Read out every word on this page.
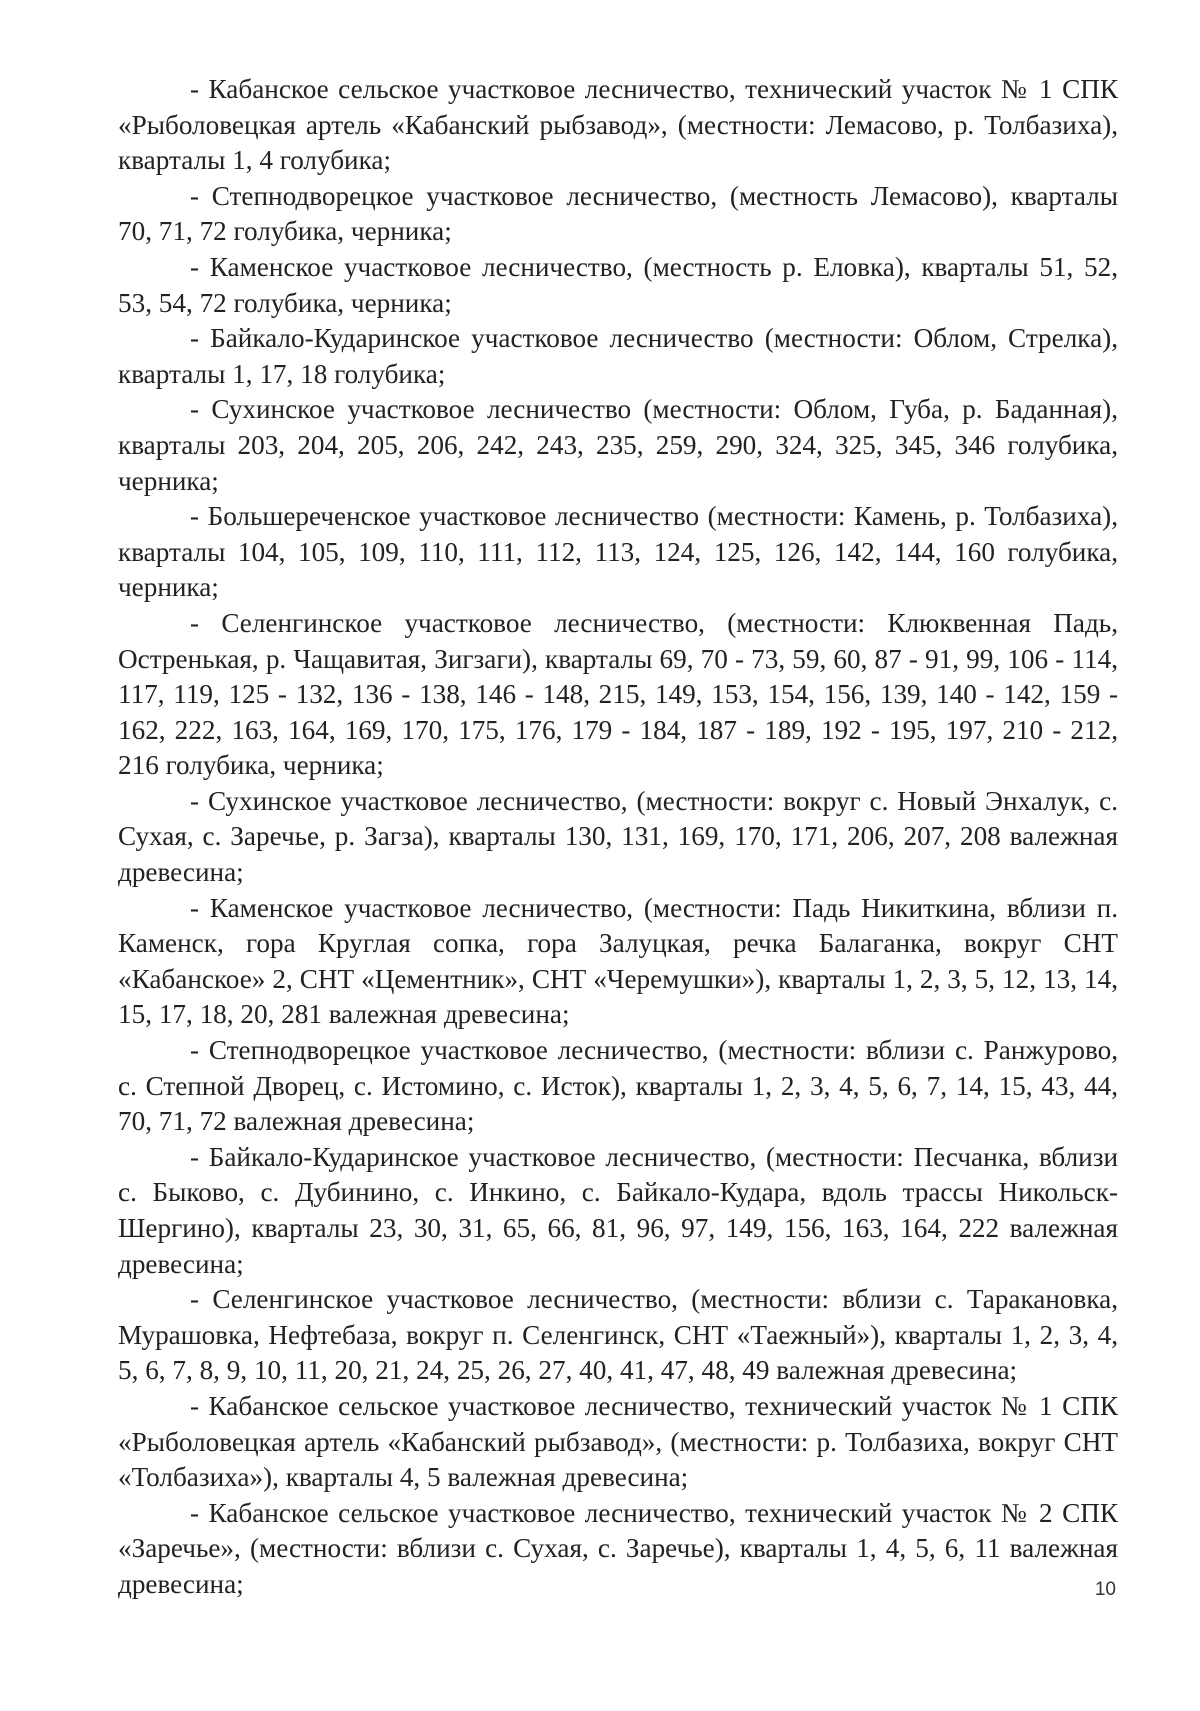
- Кабанское сельское участковое лесничество, технический участок № 1 СПК «Рыболовецкая артель «Кабанский рыбзавод», (местности: Лемасово, р. Толбазиха), кварталы 1, 4 голубика;

- Степнодворецкое участковое лесничество, (местность Лемасово), кварталы 70, 71, 72 голубика, черника;

- Каменское участковое лесничество, (местность р. Еловка), кварталы 51, 52, 53, 54, 72 голубика, черника;

- Байкало-Кударинское участковое лесничество (местности: Облом, Стрелка), кварталы 1, 17, 18 голубика;

- Сухинское участковое лесничество (местности: Облом, Губа, р. Баданная), кварталы 203, 204, 205, 206, 242, 243, 235, 259, 290, 324, 325, 345, 346 голубика, черника;

- Большереченское участковое лесничество (местности: Камень, р. Толбазиха), кварталы 104, 105, 109, 110, 111, 112, 113, 124, 125, 126, 142, 144, 160 голубика, черника;

- Селенгинское участковое лесничество, (местности: Клюквенная Падь, Остренькая, р. Чащавитая, Зигзаги), кварталы 69, 70 - 73, 59, 60, 87 - 91, 99, 106 - 114, 117, 119, 125 - 132, 136 - 138, 146 - 148, 215, 149, 153, 154, 156, 139, 140 - 142, 159 - 162, 222, 163, 164, 169, 170, 175, 176, 179 - 184, 187 - 189, 192 - 195, 197, 210 - 212, 216 голубика, черника;

- Сухинское участковое лесничество, (местности: вокруг с. Новый Энхалук, с. Сухая, с. Заречье, р. Загза), кварталы 130, 131, 169, 170, 171, 206, 207, 208 валежная древесина;

- Каменское участковое лесничество, (местности: Падь Никиткина, вблизи п. Каменск, гора Круглая сопка, гора Залуцкая, речка Балаганка, вокруг СНТ «Кабанское» 2, СНТ «Цементник», СНТ «Черемушки»), кварталы 1, 2, 3, 5, 12, 13, 14, 15, 17, 18, 20, 281 валежная древесина;

- Степнодворецкое участковое лесничество, (местности: вблизи с. Ранжурово, с. Степной Дворец, с. Истомино, с. Исток), кварталы 1, 2, 3, 4, 5, 6, 7, 14, 15, 43, 44, 70, 71, 72 валежная древесина;

- Байкало-Кударинское участковое лесничество, (местности: Песчанка, вблизи с. Быково, с. Дубинино, с. Инкино, с. Байкало-Кудара, вдоль трассы Никольск-Шергино), кварталы 23, 30, 31, 65, 66, 81, 96, 97, 149, 156, 163, 164, 222 валежная древесина;

- Селенгинское участковое лесничество, (местности: вблизи с. Таракановка, Мурашовка, Нефтебаза, вокруг п. Селенгинск, СНТ «Таежный»), кварталы 1, 2, 3, 4, 5, 6, 7, 8, 9, 10, 11, 20, 21, 24, 25, 26, 27, 40, 41, 47, 48, 49 валежная древесина;

- Кабанское сельское участковое лесничество, технический участок № 1 СПК «Рыболовецкая артель «Кабанский рыбзавод», (местности: р. Толбазиха, вокруг СНТ «Толбазиха»), кварталы 4, 5 валежная древесина;

- Кабанское сельское участковое лесничество, технический участок № 2 СПК «Заречье», (местности: вблизи с. Сухая, с. Заречье), кварталы 1, 4, 5, 6, 11 валежная древесина;	10
